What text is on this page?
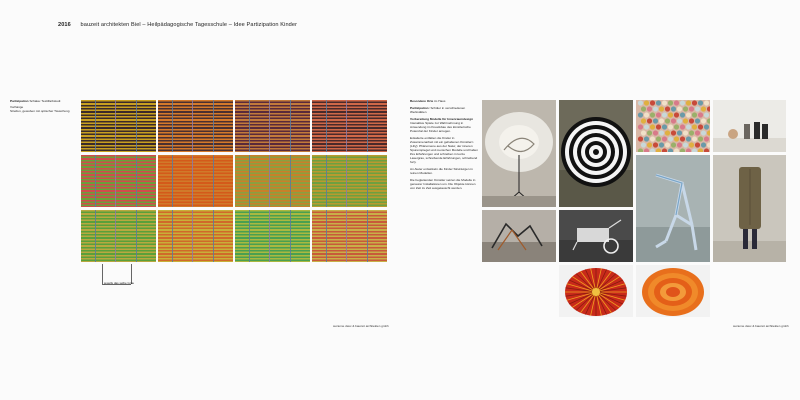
2016 bauzeit architekten Biel – Heilpädagogische Tagesschule – Idee Partizipation Kinder
Partizipation Schaka: Textilfarbstudi
Vorhänge
Streifen, gewoben mit optischer Täuschung
jewells das selbe Grau
suzanne daxx & bauzeit architekten gmbh

Besondere Orte im Haus

Partizipation: Schüler in verschiedenen Werkstätten

Vorbereitung Modelle für Innenraumdesign
Interaktive Spiele zur Wahrnehmung in Anwendung im Kreativbau des künstlerische Potenzial der Kinder anregen.

Exkalierte entfalten die Kinder in Zusammenarbeit mit ein gehaltenen Künstlern (Lilly): Phänomene aus der Natur, der inneren Spurenspiegel und menschen Modelle und halten ihre Erfahrungen und schreiben in kurze Lasergrau, schreibende Erfahrungen, schreibend fort).

An Ateler entwickeln die Kinder Strukturgen in reinen Modellen.

Die begleitenden Künstler setzen die Modelle in genaurer Installationen um. Die Objekte können von Zeit zu Zeit ausgetauscht werden.

suzanne daxx & bauzeit architekten gmbh
